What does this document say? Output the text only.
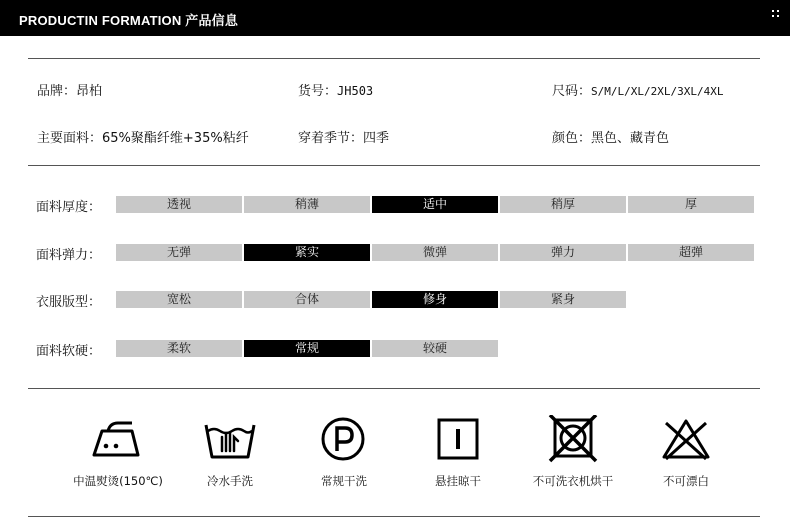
PRODUCTIN FORMATION 产品信息
品牌：昂柏	货号：JH503	尺码：S/M/L/XL/2XL/3XL/4XL
主要面料：65%聚酯纤维+35%粘纤	穿着季节：四季	颜色：黑色、藏青色
面料厚度：	透视	稍薄	适中	稍厚	厚
面料弹力：	无弹	紧实	微弹	弹力	超弹
衣服版型：	宽松	合体	修身	紧身
面料软硬：	柔软	常规	较硬
中温熨烫(150℃)	冷水手洗	常规干洗	悬挂晾干	不可洗衣机烘干	不可漂白
